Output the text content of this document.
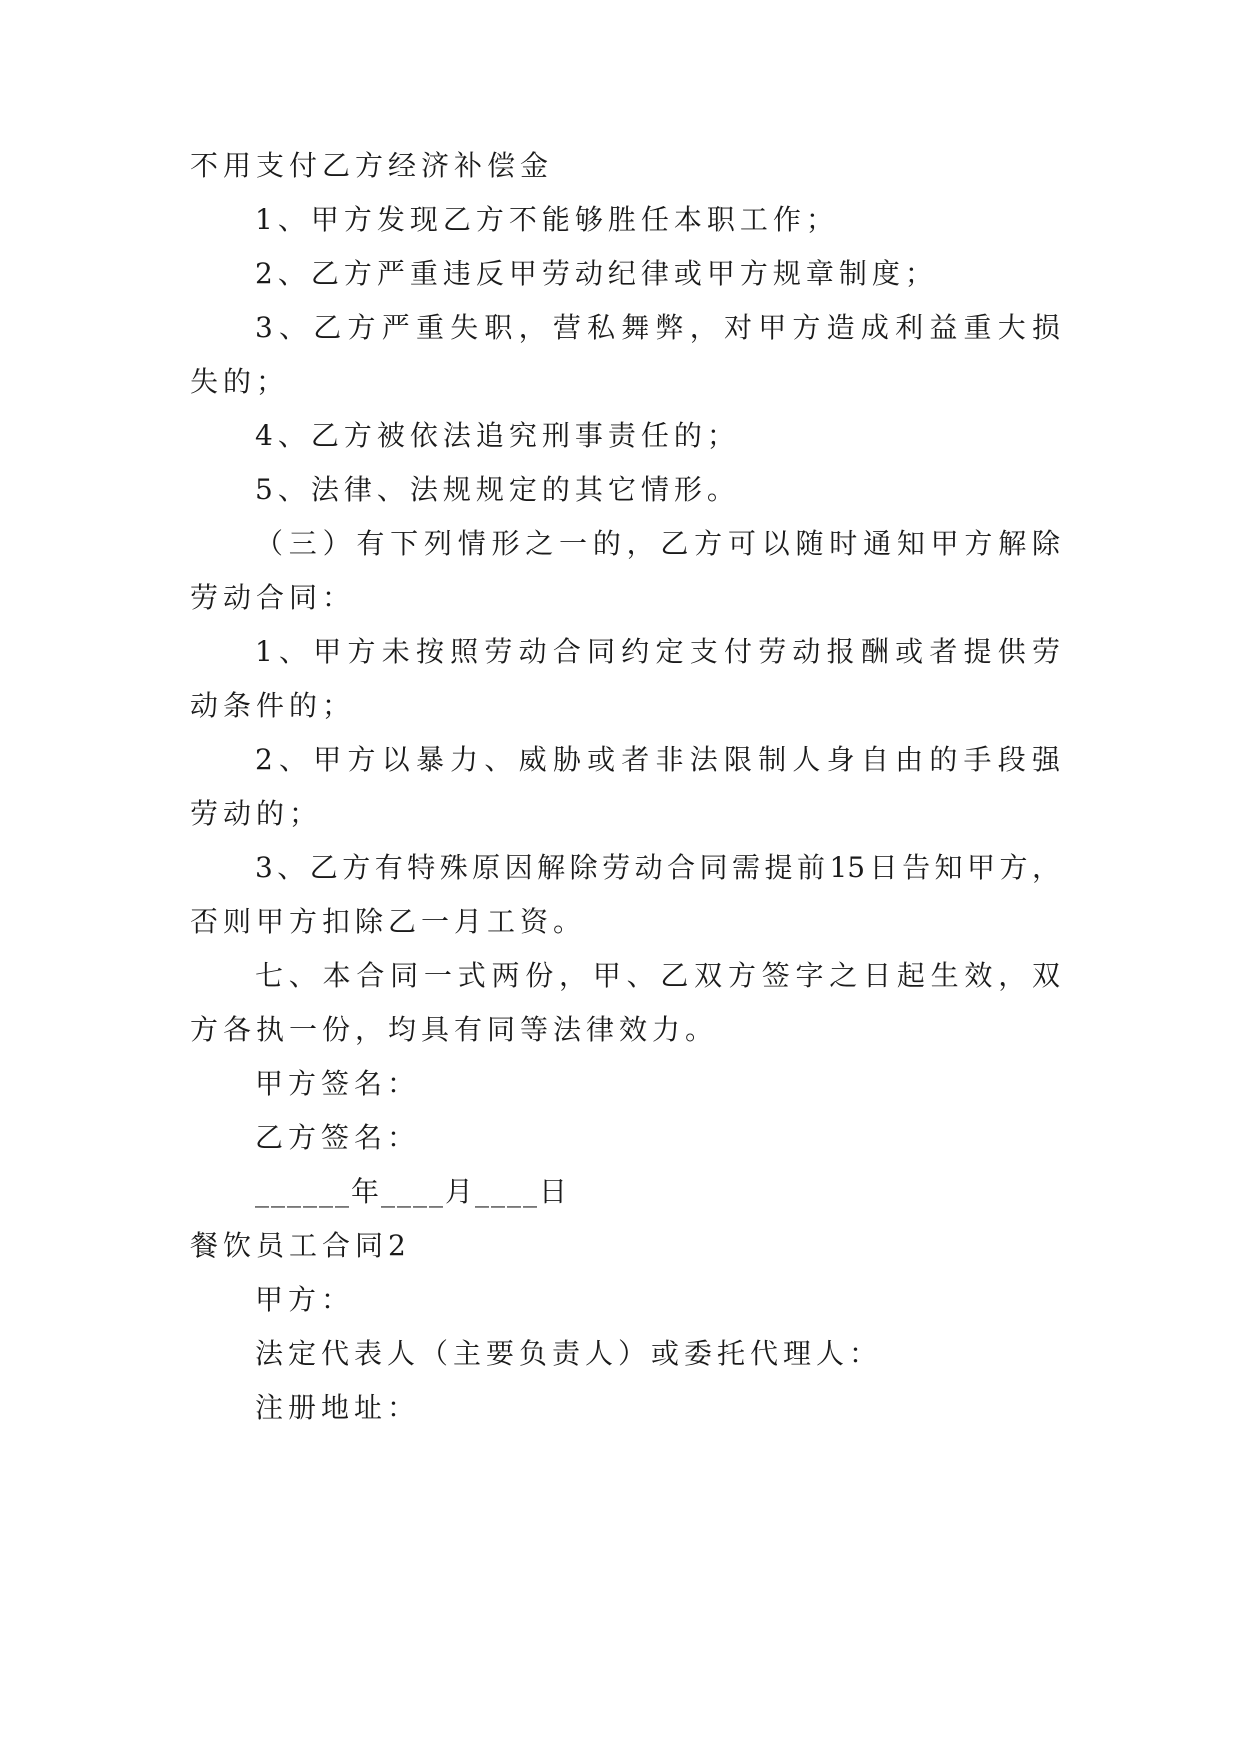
不用支付乙方经济补偿金
1、甲方发现乙方不能够胜任本职工作；
2、乙方严重违反甲劳动纪律或甲方规章制度；
3、乙方严重失职，营私舞弊，对甲方造成利益重大损
失的；
4、乙方被依法追究刑事责任的；
5、法律、法规规定的其它情形。
（三）有下列情形之一的，乙方可以随时通知甲方解除
劳动合同：
1、甲方未按照劳动合同约定支付劳动报酬或者提供劳
动条件的；
2、甲方以暴力、威胁或者非法限制人身自由的手段强
劳动的；
3、乙方有特殊原因解除劳动合同需提前15日告知甲方，
否则甲方扣除乙一月工资。
七、本合同一式两份，甲、乙双方签字之日起生效，双
方各执一份，均具有同等法律效力。
甲方签名：
乙方签名：
______年____月____日
餐饮员工合同2
甲方：
法定代表人（主要负责人）或委托代理人：
注册地址：
